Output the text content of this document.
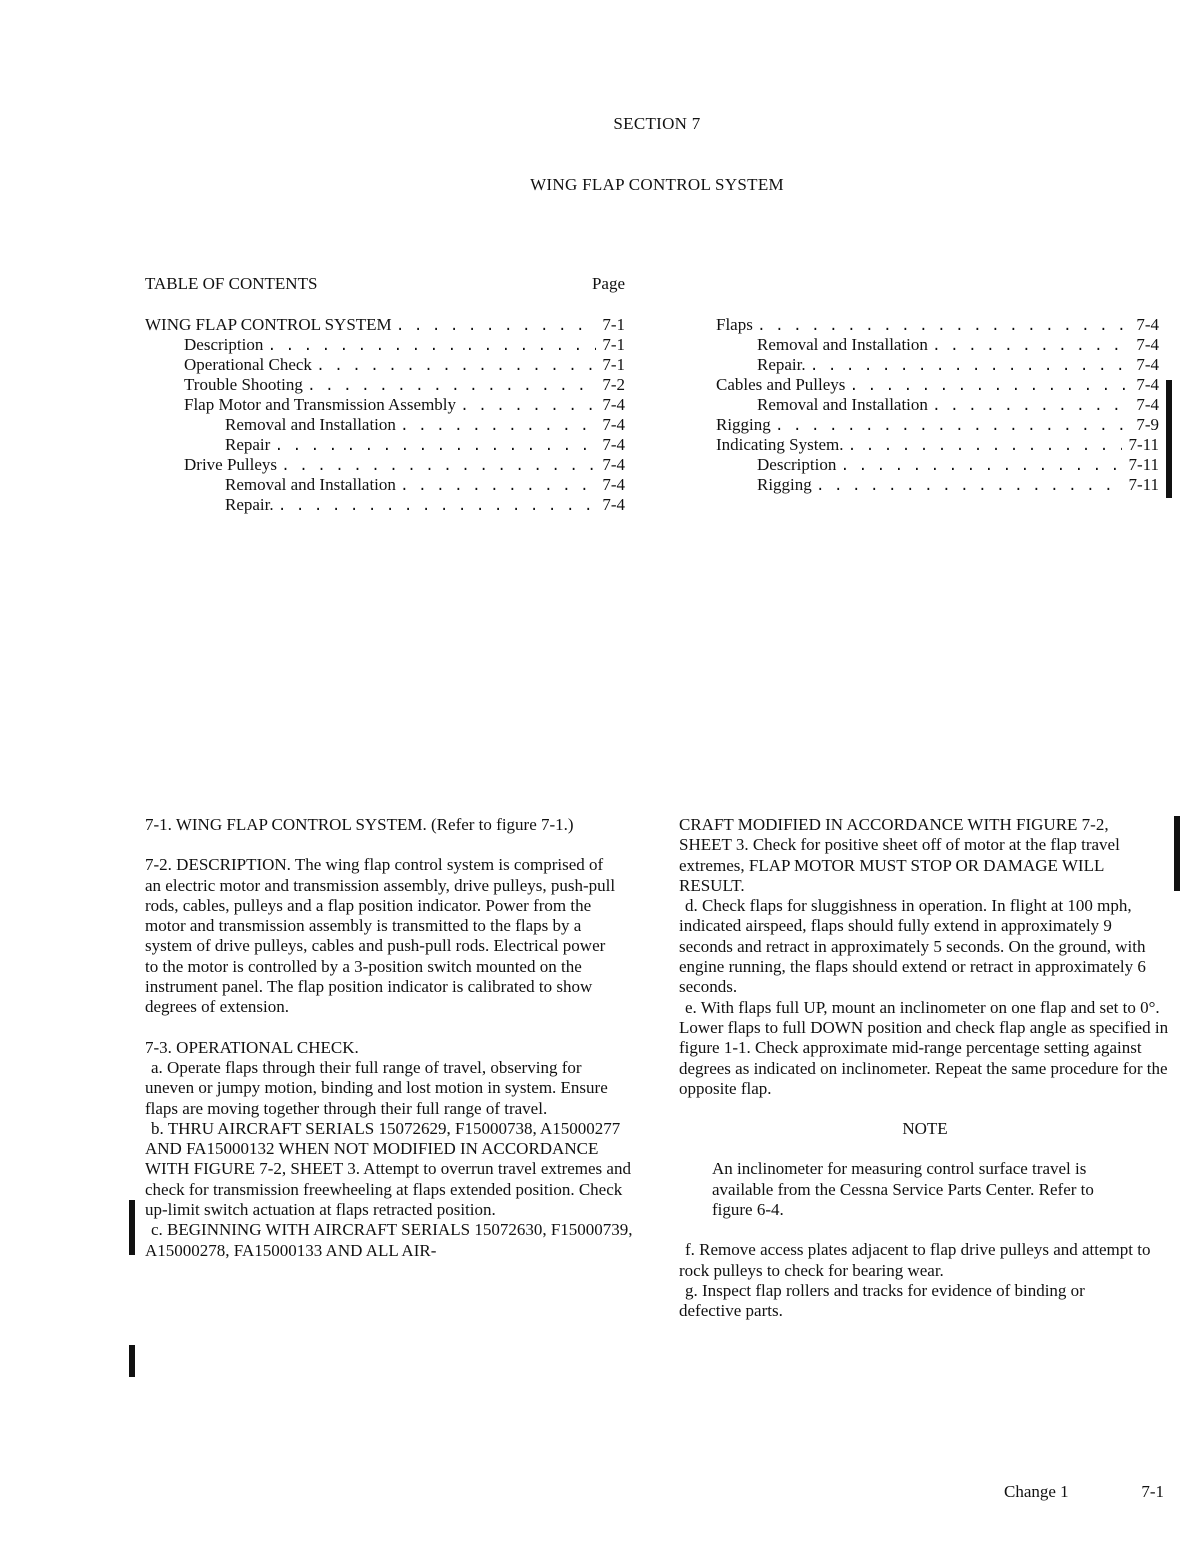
SECTION 7
WING FLAP CONTROL SYSTEM
TABLE OF CONTENTS	Page
WING FLAP CONTROL SYSTEM . . .	7-1
Description . . .	7-1
Operational Check . . .	7-1
Trouble Shooting . . .	7-2
Flap Motor and Transmission Assembly . . .	7-4
Removal and Installation . . .	7-4
Repair . . .	7-4
Drive Pulleys . . .	7-4
Removal and Installation . . .	7-4
Repair. . . .	7-4
Flaps . . .	7-4
Removal and Installation . . .	7-4
Repair. . . .	7-4
Cables and Pulleys . . .	7-4
Removal and Installation . . .	7-4
Rigging . . .	7-9
Indicating System. . . .	7-11
Description . . .	7-11
Rigging . . .	7-11

7-1. WING FLAP CONTROL SYSTEM. (Refer to figure 7-1.)

7-2. DESCRIPTION. The wing flap control system is comprised of an electric motor and transmission assembly, drive pulleys, push-pull rods, cables, pulleys and a flap position indicator. Power from the motor and transmission assembly is transmitted to the flaps by a system of drive pulleys, cables and push-pull rods. Electrical power to the motor is controlled by a 3-position switch mounted on the instrument panel. The flap position indicator is calibrated to show degrees of extension.

7-3. OPERATIONAL CHECK.

a. Operate flaps through their full range of travel, observing for uneven or jumpy motion, binding and lost motion in system. Ensure flaps are moving together through their full range of travel.

b. THRU AIRCRAFT SERIALS 15072629, F15000738, A15000277 AND FA15000132 WHEN NOT MODIFIED IN ACCORDANCE WITH FIGURE 7-2, SHEET 3. Attempt to overrun travel extremes and check for transmission freewheeling at flaps extended position. Check up-limit switch actuation at flaps retracted position.

c. BEGINNING WITH AIRCRAFT SERIALS 15072630, F15000739, A15000278, FA15000133 AND ALL AIR-

CRAFT MODIFIED IN ACCORDANCE WITH FIGURE 7-2, SHEET 3. Check for positive sheet off of motor at the flap travel extremes, FLAP MOTOR MUST STOP OR DAMAGE WILL RESULT.

d. Check flaps for sluggishness in operation. In flight at 100 mph, indicated airspeed, flaps should fully extend in approximately 9 seconds and retract in approximately 5 seconds. On the ground, with engine running, the flaps should extend or retract in approximately 6 seconds.

e. With flaps full UP, mount an inclinometer on one flap and set to 0°. Lower flaps to full DOWN position and check flap angle as specified in figure 1-1. Check approximate mid-range percentage setting against degrees as indicated on inclinometer. Repeat the same procedure for the opposite flap.

NOTE

An inclinometer for measuring control surface travel is available from the Cessna Service Parts Center. Refer to figure 6-4.

f. Remove access plates adjacent to flap drive pulleys and attempt to rock pulleys to check for bearing wear.

g. Inspect flap rollers and tracks for evidence of binding or defective parts.

Change 1	7-1
